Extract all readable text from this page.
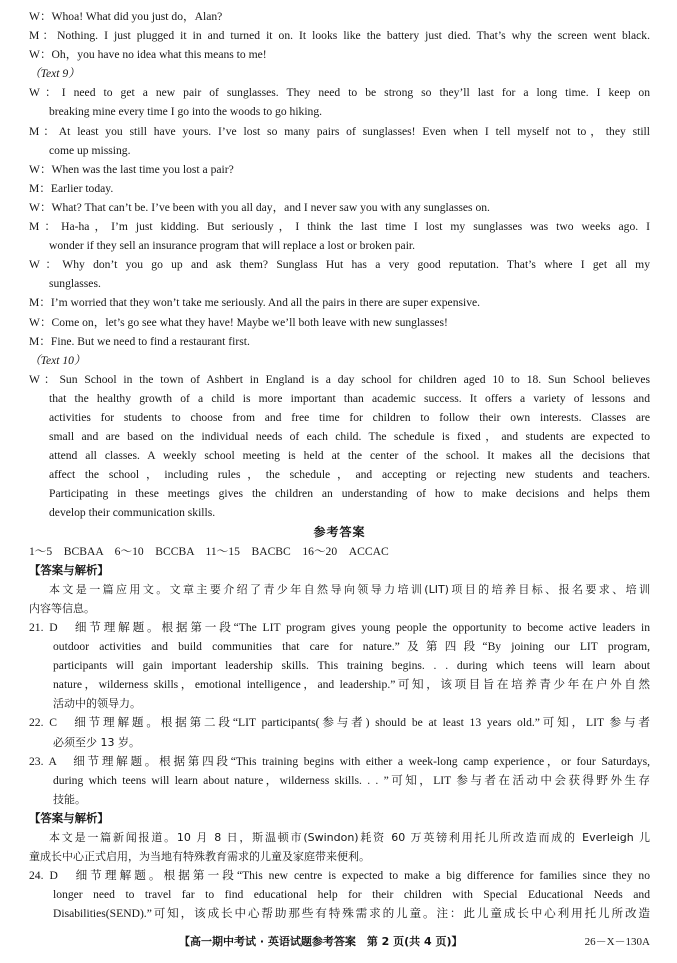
W：Whoa! What did you just do，Alan?
M：Nothing. I just plugged it in and turned it on. It looks like the battery just died. That’s why the screen went black.
W：Oh，you have no idea what this means to me!
（Text 9）
W：I need to get a new pair of sunglasses. They need to be strong so they’ll last for a long time. I keep on
breaking mine every time I go into the woods to go hiking.
M：At least you still have yours. I’ve lost so many pairs of sunglasses! Even when I tell myself not to，they still
come up missing.
W：When was the last time you lost a pair?
M：Earlier today.
W：What? That can’t be. I’ve been with you all day，and I never saw you with any sunglasses on.
M：Ha-ha，I’m just kidding. But seriously，I think the last time I lost my sunglasses was two weeks ago. I
wonder if they sell an insurance program that will replace a lost or broken pair.
W：Why don’t you go up and ask them? Sunglass Hut has a very good reputation. That’s where I get all my
sunglasses.
M：I’m worried that they won’t take me seriously. And all the pairs in there are super expensive.
W：Come on，let’s go see what they have! Maybe we’ll both leave with new sunglasses!
M：Fine. But we need to find a restaurant first.
（Text 10）
W：Sun School in the town of Ashbert in England is a day school for children aged 10 to 18. Sun School believes
that the healthy growth of a child is more important than academic success. It offers a variety of lessons and
activities for students to choose from and free time for children to follow their own interests. Classes are
small and are based on the individual needs of each child. The schedule is fixed，and students are expected to
attend all classes. A weekly school meeting is held at the center of the school. It makes all the decisions that
affect the school，including rules，the schedule，and accepting or rejecting new students and teachers.
Participating in these meetings gives the children an understanding of how to make decisions and helps them
develop their communication skills.
参考答案
1～5　BCBAA　6～10　BCCBA　11～15　BACBC　16～20　ACCAC
【答案与解析】
本文是一篇应用文。文章主要介绍了青少年自然导向领导力培训(LIT)项目的培养目标、报名要求、培训
内容等信息。
21. D　细节理解题。根据第一段“The LIT program gives young people the opportunity to become active leaders in
outdoor activities and build communities that care for nature.”及第四段“By joining our LIT program,
participants will gain important leadership skills. This training begins. . . during which teens will learn about
nature，wilderness skills，emotional intelligence，and leadership.”可知，该项目旨在培养青少年在户外自然
活动中的领导力。
22. C　细节理解题。根据第二段“LIT participants(参与者) should be at least 13 years old.”可知，LIT 参与者
必须至少 13 岁。
23. A　细节理解题。根据第四段“This training begins with either a week-long camp experience，or four Saturdays,
during which teens will learn about nature，wilderness skills. . . ”可知，LIT 参与者在活动中会获得野外生存
技能。
【答案与解析】
本文是一篇新闻报道。10 月 8 日，斯温顿市(Swindon)耗资 60 万英镑利用托儿所改造而成的 Everleigh 儿
童成长中心正式启用，为当地有特殊教育需求的儿童及家庭带来便利。
24. D　细节理解题。根据第一段“This new centre is expected to make a big difference for families since they no
longer need to travel far to find educational help for their children with Special Educational Needs and
Disabilities(SEND).”可知，该成长中心帮助那些有特殊需求的儿童。注：此儿童成长中心利用托儿所改造
【高一期中考试 · 英语试题参考答案　第 2 页(共 4 页)】	26－X－130A
